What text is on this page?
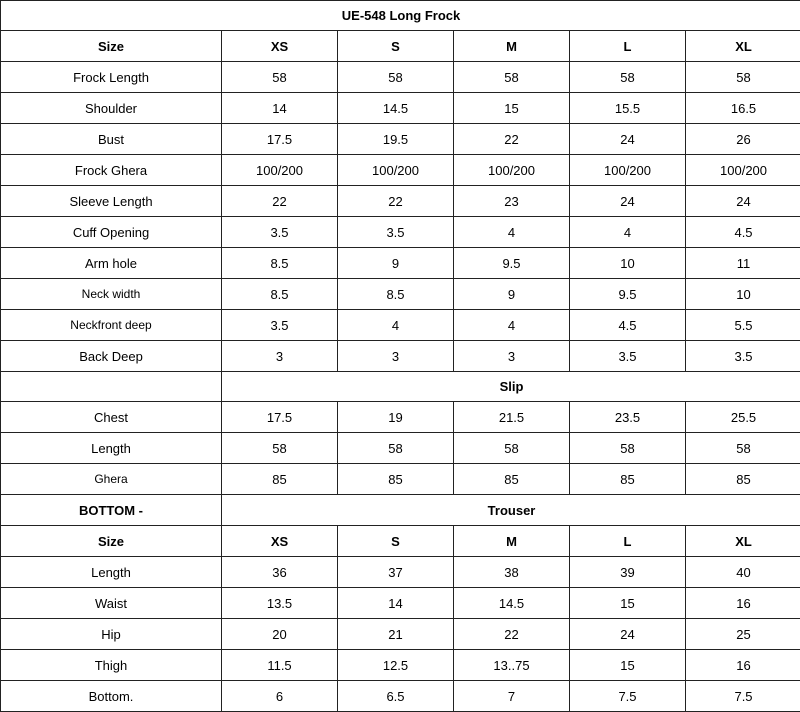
UE-548 Long Frock					
Size	XS	S	M	L	XL
Frock Length	58	58	58	58	58
Shoulder	14	14.5	15	15.5	16.5
Bust	17.5	19.5	22	24	26
Frock Ghera	100/200	100/200	100/200	100/200	100/200
Sleeve Length	22	22	23	24	24
Cuff Opening	3.5	3.5	4	4	4.5
Arm hole	8.5	9	9.5	10	11
Neck width	8.5	8.5	9	9.5	10
Neckfront deep	3.5	4	4	4.5	5.5
Back Deep	3	3	3	3.5	3.5
	Slip				
Chest	17.5	19	21.5	23.5	25.5
Length	58	58	58	58	58
Ghera	85	85	85	85	85
BOTTOM -	Trouser				
Size	XS	S	M	L	XL
Length	36	37	38	39	40
Waist	13.5	14	14.5	15	16
Hip	20	21	22	24	25
Thigh	11.5	12.5	13..75	15	16
Bottom.	6	6.5	7	7.5	7.5
